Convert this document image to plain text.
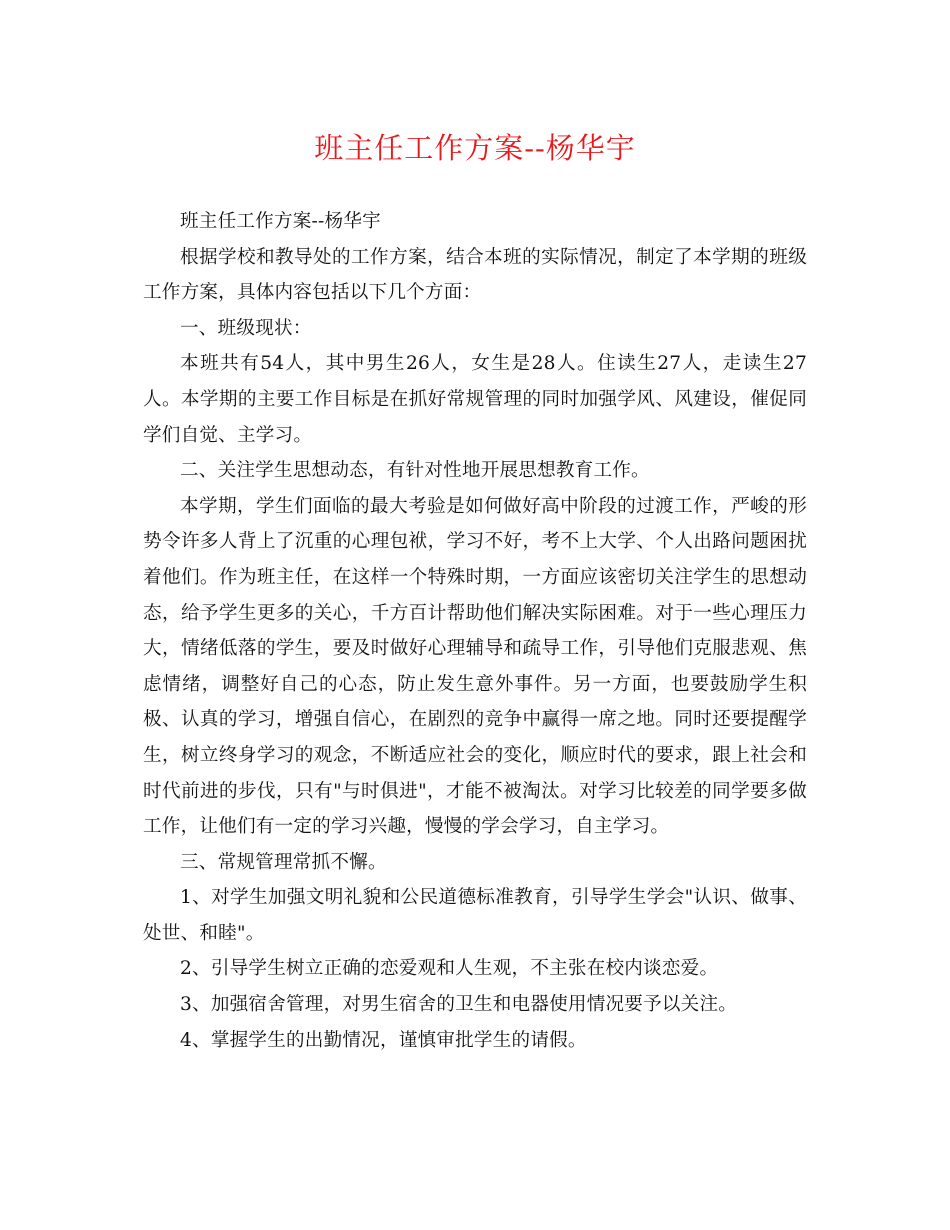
班主任工作方案--杨华宇

班主任工作方案--杨华宇

根据学校和教导处的工作方案，结合本班的实际情况，制定了本学期的班级工作方案，具体内容包括以下几个方面：

一、班级现状：

本班共有54人，其中男生26人，女生是28人。住读生27人，走读生27人。本学期的主要工作目标是在抓好常规管理的同时加强学风、风建设，催促同学们自觉、主学习。

二、关注学生思想动态，有针对性地开展思想教育工作。

本学期，学生们面临的最大考验是如何做好高中阶段的过渡工作，严峻的形势令许多人背上了沉重的心理包袱，学习不好，考不上大学、个人出路问题困扰着他们。作为班主任，在这样一个特殊时期，一方面应该密切关注学生的思想动态，给予学生更多的关心，千方百计帮助他们解决实际困难。对于一些心理压力大，情绪低落的学生，要及时做好心理辅导和疏导工作，引导他们克服悲观、焦虑情绪，调整好自己的心态，防止发生意外事件。另一方面，也要鼓励学生积极、认真的学习，增强自信心，在剧烈的竞争中赢得一席之地。同时还要提醒学生，树立终身学习的观念，不断适应社会的变化，顺应时代的要求，跟上社会和时代前进的步伐，只有"与时俱进"，才能不被淘汰。对学习比较差的同学要多做工作，让他们有一定的学习兴趣，慢慢的学会学习，自主学习。

三、常规管理常抓不懈。

1、对学生加强文明礼貌和公民道德标准教育，引导学生学会"认识、做事、处世、和睦"。

2、引导学生树立正确的恋爱观和人生观，不主张在校内谈恋爱。

3、加强宿舍管理，对男生宿舍的卫生和电器使用情况要予以关注。

4、掌握学生的出勤情况，谨慎审批学生的请假。
